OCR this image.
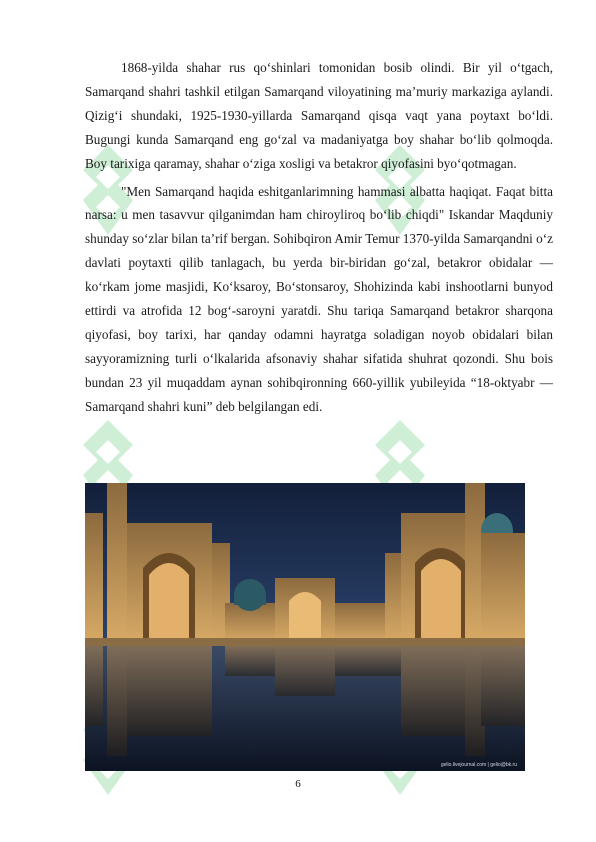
1868-yilda shahar rus qo‘shinlari tomonidan bosib olindi. Bir yil o‘tgach, Samarqand shahri tashkil etilgan Samarqand viloyatining ma’muriy markaziga aylandi. Qizig‘i shundaki, 1925-1930-yillarda Samarqand qisqa vaqt yana poytaxt bo‘ldi. Bugungi kunda Samarqand eng go‘zal va madaniyatga boy shahar bo‘lib qolmoqda. Boy tarixiga qaramay, shahar o‘ziga xosligi va betakror qiyofasini byo‘qotmagan.

"Men Samarqand haqida eshitganlarimning hammasi albatta haqiqat. Faqat bitta narsa: u men tasavvur qilganimdan ham chiroyliroq bo‘lib chiqdi" Iskandar Maqduniy shunday so‘zlar bilan ta’rif bergan. Sohibqiron Amir Temur 1370-yilda Samarqandni o‘z davlati poytaxti qilib tanlagach, bu yerda bir-biridan go‘zal, betakror obidalar — ko‘rkam jome masjidi, Ko‘ksaroy, Bo‘stonsaroy, Shohizinda kabi inshootlarni bunyod ettirdi va atrofida 12 bog‘-saroyni yaratdi. Shu tariqa Samarqand betakror sharqona qiyofasi, boy tarixi, har qanday odamni hayratga soladigan noyob obidalari bilan sayyoramizning turli o‘lkalarida afsonaviy shahar sifatida shuhrat qozondi. Shu bois bundan 23 yil muqaddam aynan sohibqironning 660-yillik yubileyida “18-oktyabr — Samarqand shahri kuni” deb belgilangan edi.

gelio.livejournal.com | gelio@bk.ru
6
